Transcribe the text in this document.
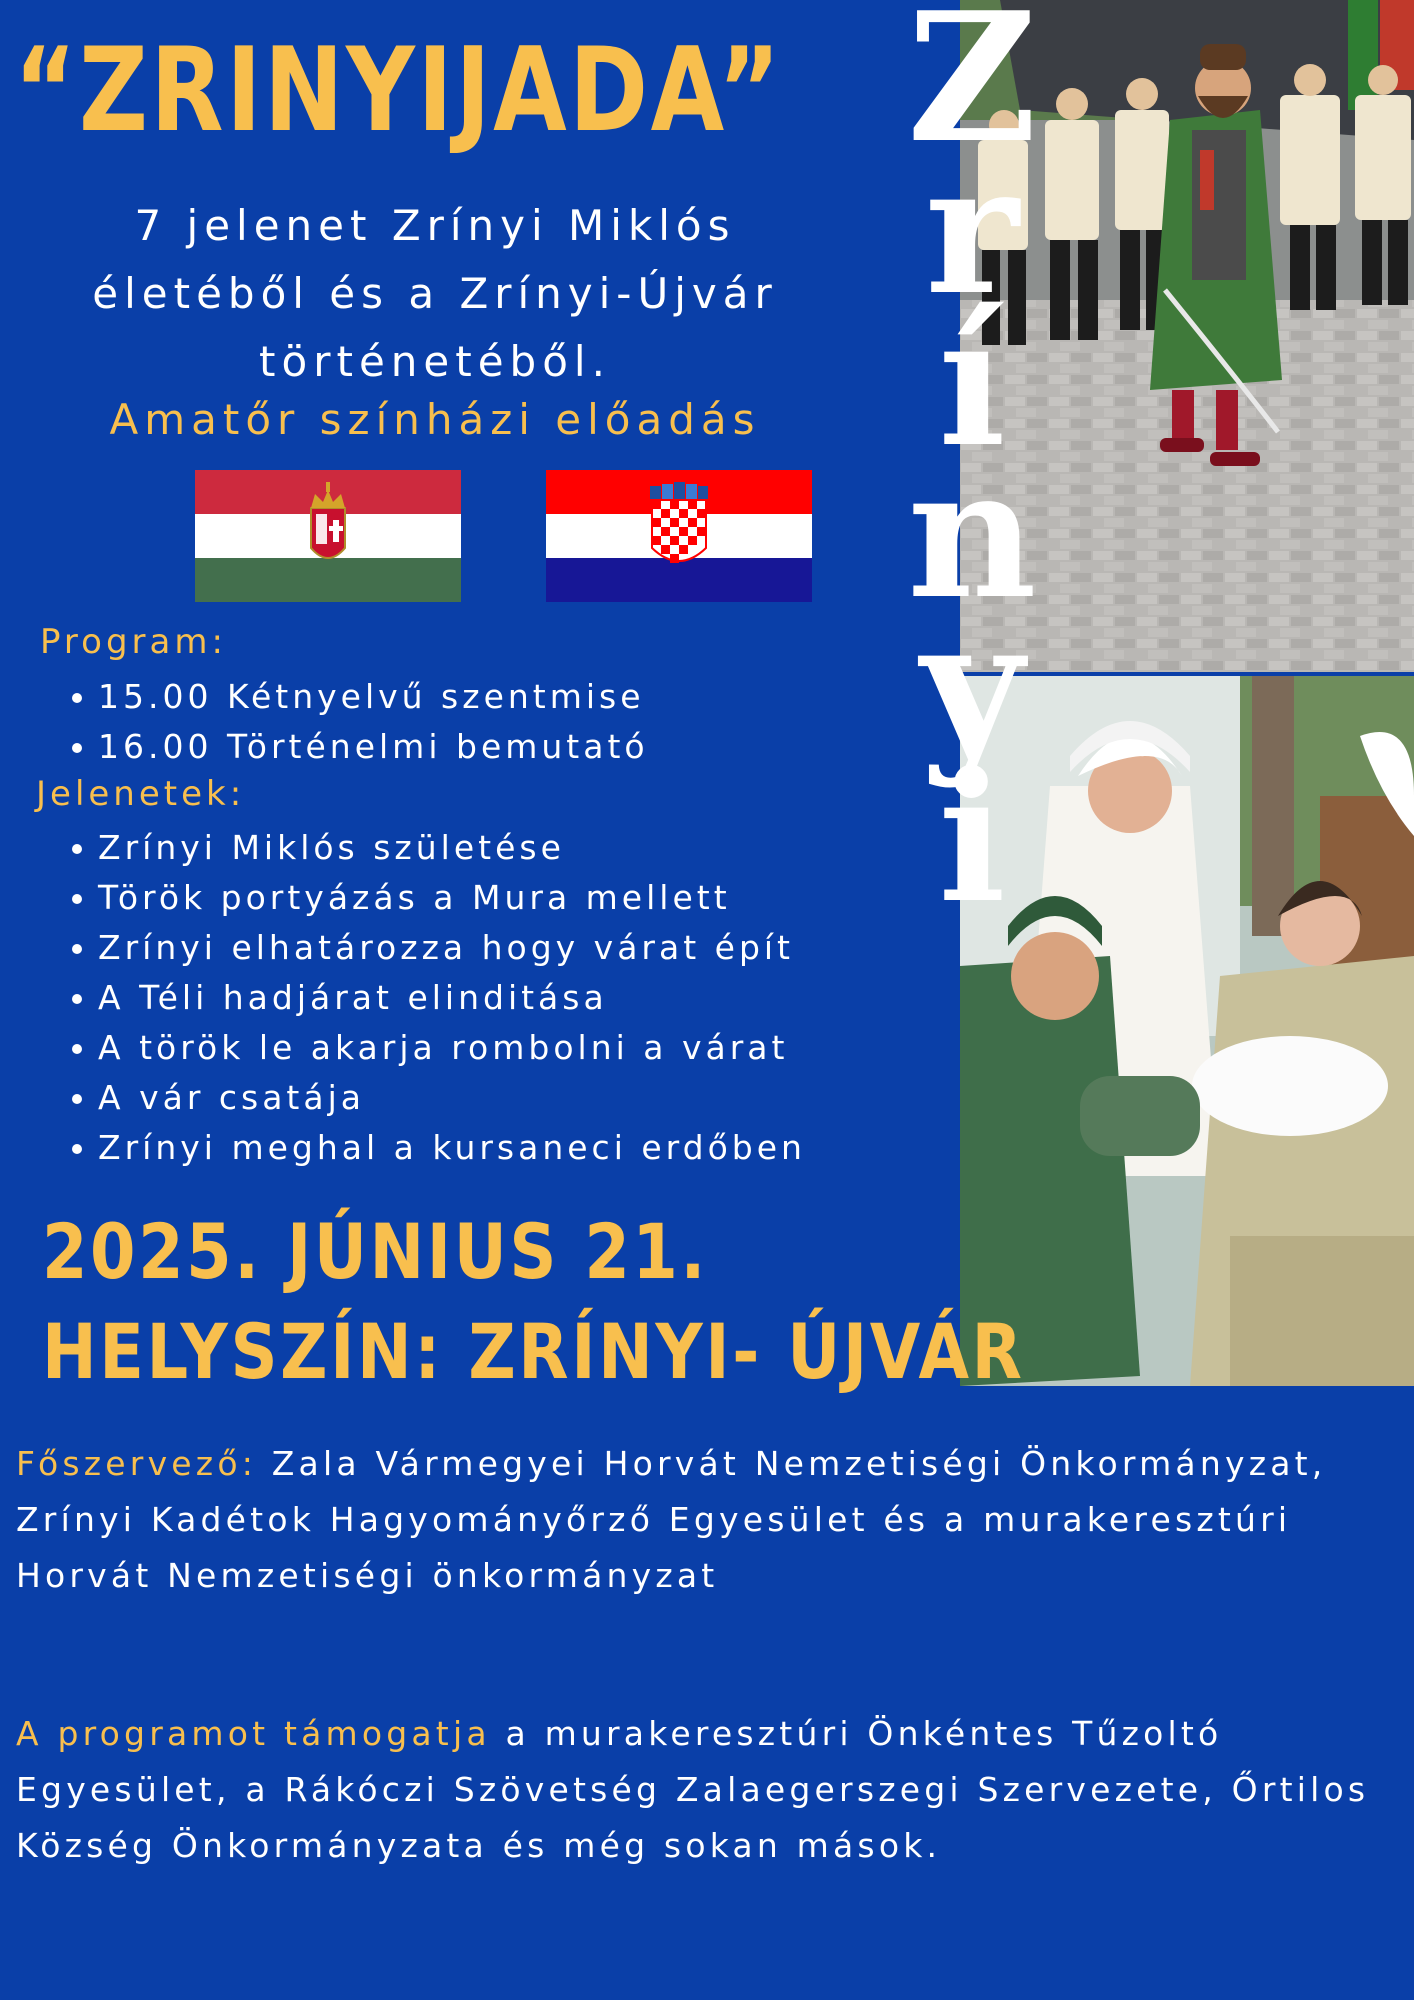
Z
r
í
n
y
i
“ZRINYIJADA”
7 jelenet Zrínyi Miklós
életéből és a Zrínyi-Újvár
történetéből.
Amatőr színházi előadás
Program:
15.00 Kétnyelvű szentmise
16.00 Történelmi bemutató
Jelenetek:
Zrínyi Miklós születése
Török portyázás a Mura mellett
Zrínyi elhatározza hogy várat épít
A Téli hadjárat elinditása
A török le akarja rombolni a várat
A vár csatája
Zrínyi meghal a kursaneci erdőben
2025. JÚNIUS 21.
HELYSZÍN: ZRÍNYI- ÚJVÁR
Főszervező: Zala Vármegyei Horvát Nemzetiségi Önkormányzat, Zrínyi Kadétok Hagyományőrző Egyesület és a murakeresztúri Horvát Nemzetiségi önkormányzat
A programot támogatja a murakeresztúri Önkéntes Tűzoltó Egyesület, a Rákóczi Szövetség Zalaegerszegi Szervezete, Őrtilos Község Önkormányzata és még sokan mások.
